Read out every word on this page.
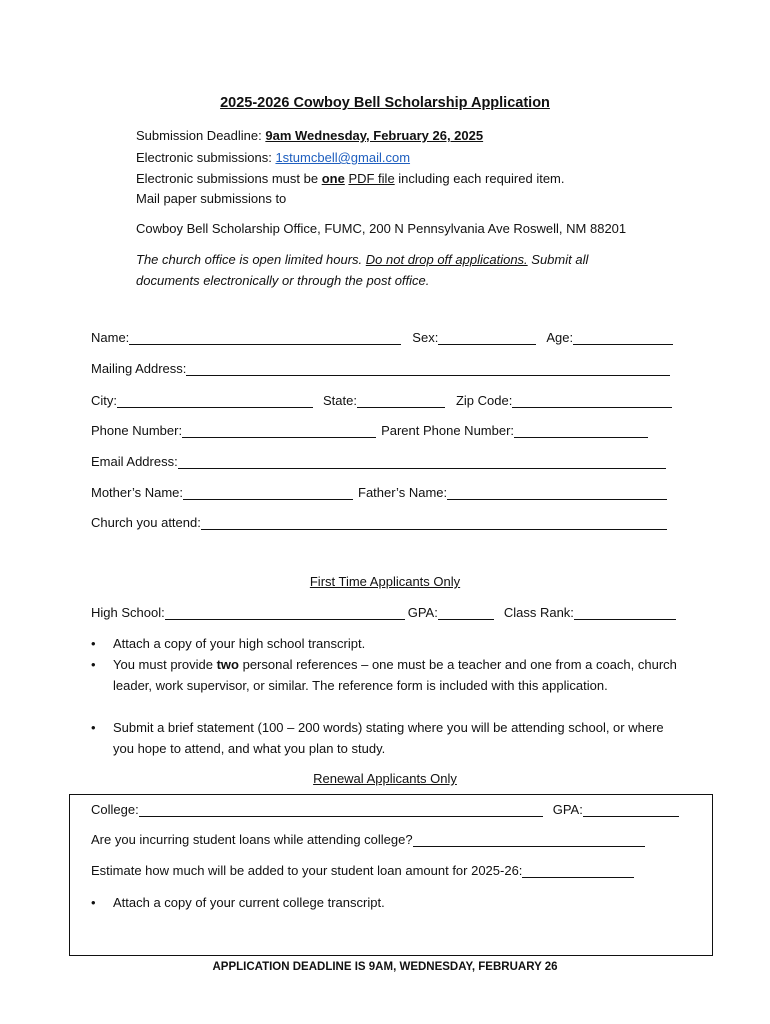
2025-2026 Cowboy Bell Scholarship Application
Submission Deadline: 9am Wednesday, February 26, 2025
Electronic submissions: 1stumcbell@gmail.com
Electronic submissions must be one PDF file including each required item.
Mail paper submissions to
Cowboy Bell Scholarship Office, FUMC, 200 N Pennsylvania Ave Roswell, NM 88201
The church office is open limited hours. Do not drop off applications. Submit all
documents electronically or through the post office.
Name:	Sex:	Age:
Mailing Address:
City:	State:	Zip Code:
Phone Number:	Parent Phone Number:
Email Address:
Mother’s Name:	Father’s Name:
Church you attend:
First Time Applicants Only
High School:	GPA:	Class Rank:
• Attach a copy of your high school transcript.
• You must provide two personal references – one must be a teacher and one from a coach, church leader, work supervisor, or similar. The reference form is included with this application.
• Submit a brief statement (100 – 200 words) stating where you will be attending school, or where you hope to attend, and what you plan to study.
Renewal Applicants Only
College:	GPA:
Are you incurring student loans while attending college?
Estimate how much will be added to your student loan amount for 2025-26:
• Attach a copy of your current college transcript.
APPLICATION DEADLINE IS 9AM, WEDNESDAY, FEBRUARY 26
